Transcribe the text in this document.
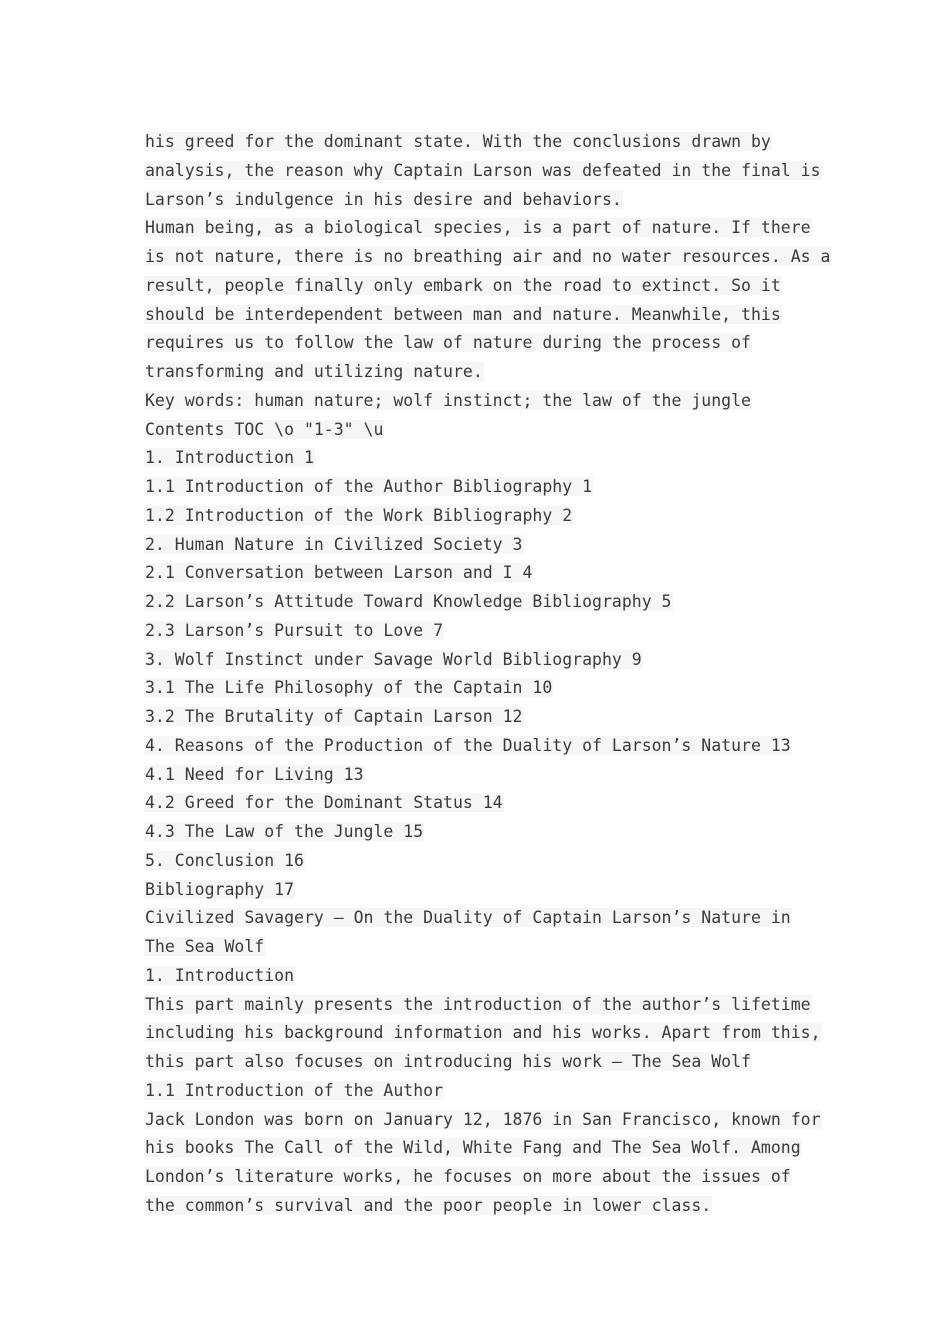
his greed for the dominant state. With the conclusions drawn by
analysis, the reason why Captain Larson was defeated in the final is
Larson’s indulgence in his desire and behaviors.
Human being, as a biological species, is a part of nature. If there
is not nature, there is no breathing air and no water resources. As a
result, people finally only embark on the road to extinct. So it
should be interdependent between man and nature. Meanwhile, this
requires us to follow the law of nature during the process of
transforming and utilizing nature.
Key words: human nature; wolf instinct; the law of the jungle
Contents TOC \o "1-3" \u
1. Introduction 1
1.1 Introduction of the Author Bibliography 1
1.2 Introduction of the Work Bibliography 2
2. Human Nature in Civilized Society 3
2.1 Conversation between Larson and I 4
2.2 Larson’s Attitude Toward Knowledge Bibliography 5
2.3 Larson’s Pursuit to Love 7
3. Wolf Instinct under Savage World Bibliography 9
3.1 The Life Philosophy of the Captain 10
3.2 The Brutality of Captain Larson 12
4. Reasons of the Production of the Duality of Larson’s Nature 13
4.1 Need for Living 13
4.2 Greed for the Dominant Status 14
4.3 The Law of the Jungle 15
5. Conclusion 16
Bibliography 17
Civilized Savagery — On the Duality of Captain Larson’s Nature in
The Sea Wolf
1. Introduction
This part mainly presents the introduction of the author’s lifetime
including his background information and his works. Apart from this,
this part also focuses on introducing his work — The Sea Wolf
1.1 Introduction of the Author
Jack London was born on January 12, 1876 in San Francisco, known for
his books The Call of the Wild, White Fang and The Sea Wolf. Among
London’s literature works, he focuses on more about the issues of
the common’s survival and the poor people in lower class.
